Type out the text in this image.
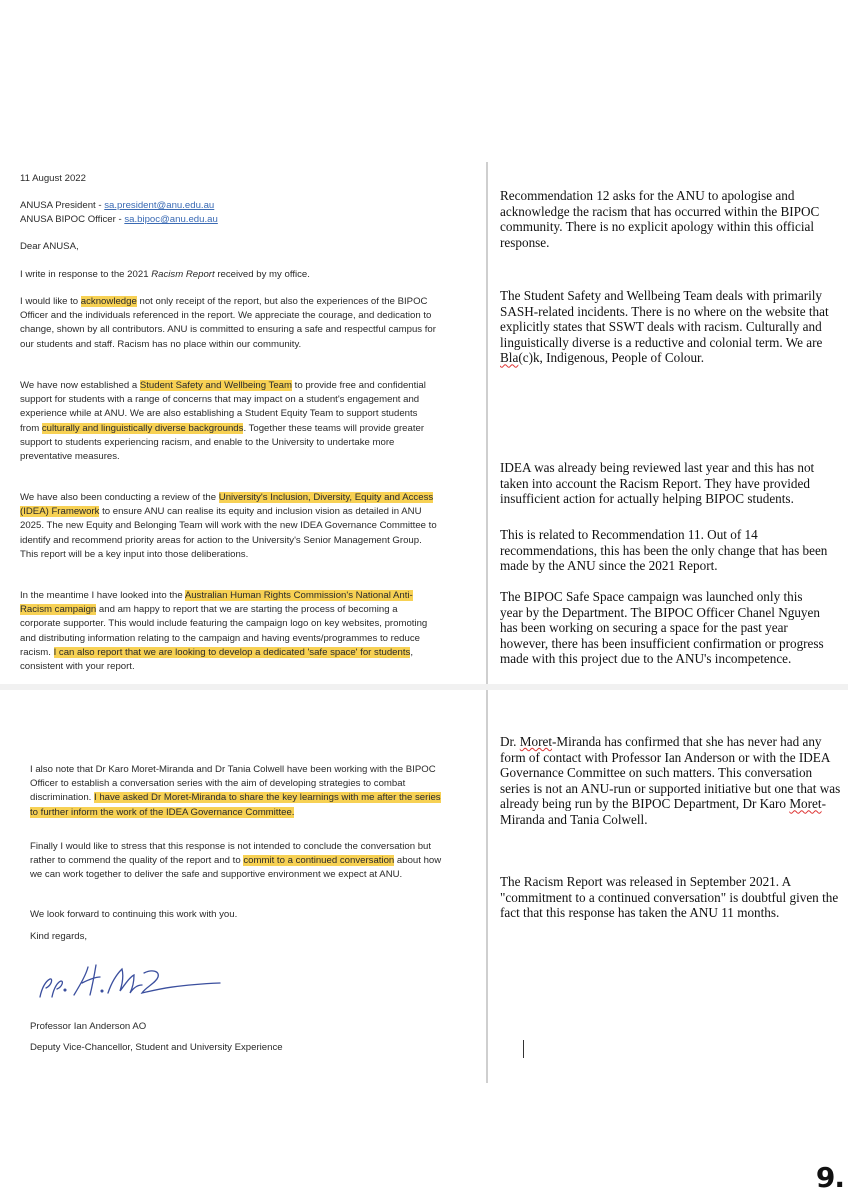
11 August 2022

ANUSA President - sa.president@anu.edu.au

ANUSA BIPOC Officer - sa.bipoc@anu.edu.au

Dear ANUSA,

I write in response to the 2021 Racism Report received by my office.

I would like to acknowledge not only receipt of the report, but also the experiences of the BIPOC Officer and the individuals referenced in the report. We appreciate the courage, and dedication to change, shown by all contributors. ANU is committed to ensuring a safe and respectful campus for our students and staff. Racism has no place within our community.

We have now established a Student Safety and Wellbeing Team to provide free and confidential support for students with a range of concerns that may impact on a student's engagement and experience while at ANU. We are also establishing a Student Equity Team to support students from culturally and linguistically diverse backgrounds. Together these teams will provide greater support to students experiencing racism, and enable to the University to undertake more preventative measures.

We have also been conducting a review of the University's Inclusion, Diversity, Equity and Access (IDEA) Framework to ensure ANU can realise its equity and inclusion vision as detailed in ANU 2025. The new Equity and Belonging Team will work with the new IDEA Governance Committee to identify and recommend priority areas for action to the University's Senior Management Group. This report will be a key input into those deliberations.

In the meantime I have looked into the Australian Human Rights Commission's National Anti-Racism campaign and am happy to report that we are starting the process of becoming a corporate supporter. This would include featuring the campaign logo on key websites, promoting and distributing information relating to the campaign and having events/programmes to reduce racism. I can also report that we are looking to develop a dedicated 'safe space' for students, consistent with your report.

Recommendation 12 asks for the ANU to apologise and acknowledge the racism that has occurred within the BIPOC community. There is no explicit apology within this official response.

The Student Safety and Wellbeing Team deals with primarily SASH-related incidents. There is no where on the website that explicitly states that SSWT deals with racism. Culturally and linguistically diverse is a reductive and colonial term. We are Bla(c)k, Indigenous, People of Colour.

IDEA was already being reviewed last year and this has not taken into account the Racism Report. They have provided insufficient action for actually helping BIPOC students.

This is related to Recommendation 11. Out of 14 recommendations, this has been the only change that has been made by the ANU since the 2021 Report.

The BIPOC Safe Space campaign was launched only this year by the Department. The BIPOC Officer Chanel Nguyen has been working on securing a space for the past year however, there has been insufficient confirmation or progress made with this project due to the ANU's incompetence.

I also note that Dr Karo Moret-Miranda and Dr Tania Colwell have been working with the BIPOC Officer to establish a conversation series with the aim of developing strategies to combat discrimination. I have asked Dr Moret-Miranda to share the key learnings with me after the series to further inform the work of the IDEA Governance Committee.

Finally I would like to stress that this response is not intended to conclude the conversation but rather to commend the quality of the report and to commit to a continued conversation about how we can work together to deliver the safe and supportive environment we expect at ANU.

We look forward to continuing this work with you.

Kind regards,

Professor Ian Anderson AO

Deputy Vice-Chancellor, Student and University Experience

Dr. Moret-Miranda has confirmed that she has never had any form of contact with Professor Ian Anderson or with the IDEA Governance Committee on such matters. This conversation series is not an ANU-run or supported initiative but one that was already being run by the BIPOC Department, Dr Karo Moret-Miranda and Tania Colwell.

The Racism Report was released in September 2021. A "commitment to a continued conversation" is doubtful given the fact that this response has taken the ANU 11 months.

9.
